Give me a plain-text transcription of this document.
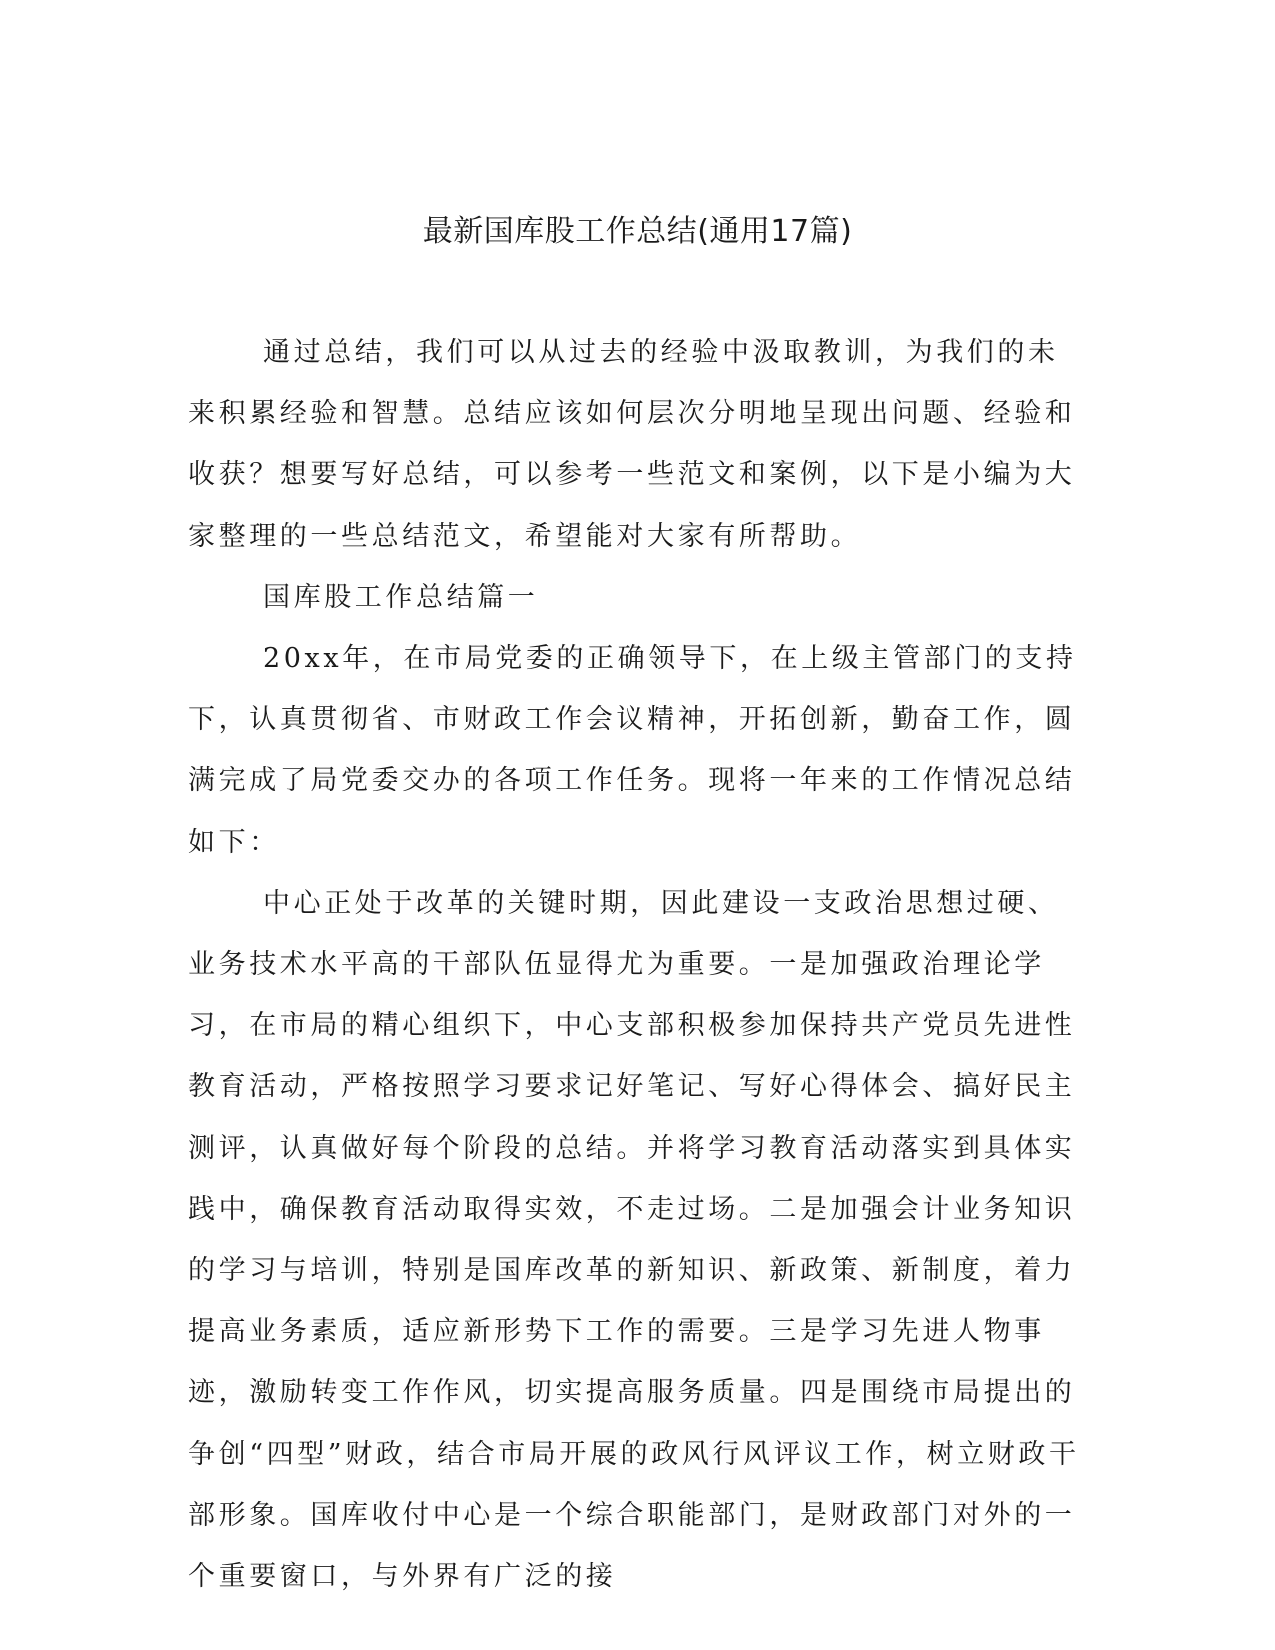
最新国库股工作总结(通用17篇)

通过总结，我们可以从过去的经验中汲取教训，为我们的未来积累经验和智慧。总结应该如何层次分明地呈现出问题、经验和收获？想要写好总结，可以参考一些范文和案例，以下是小编为大家整理的一些总结范文，希望能对大家有所帮助。

国库股工作总结篇一

20xx年，在市局党委的正确领导下，在上级主管部门的支持下，认真贯彻省、市财政工作会议精神，开拓创新，勤奋工作，圆满完成了局党委交办的各项工作任务。现将一年来的工作情况总结如下：

中心正处于改革的关键时期，因此建设一支政治思想过硬、业务技术水平高的干部队伍显得尤为重要。一是加强政治理论学习，在市局的精心组织下，中心支部积极参加保持共产党员先进性教育活动，严格按照学习要求记好笔记、写好心得体会、搞好民主测评，认真做好每个阶段的总结。并将学习教育活动落实到具体实践中，确保教育活动取得实效，不走过场。二是加强会计业务知识的学习与培训，特别是国库改革的新知识、新政策、新制度，着力提高业务素质，适应新形势下工作的需要。三是学习先进人物事迹，激励转变工作作风，切实提高服务质量。四是围绕市局提出的争创“四型”财政，结合市局开展的政风行风评议工作，树立财政干部形象。国库收付中心是一个综合职能部门，是财政部门对外的一个重要窗口，与外界有广泛的接
